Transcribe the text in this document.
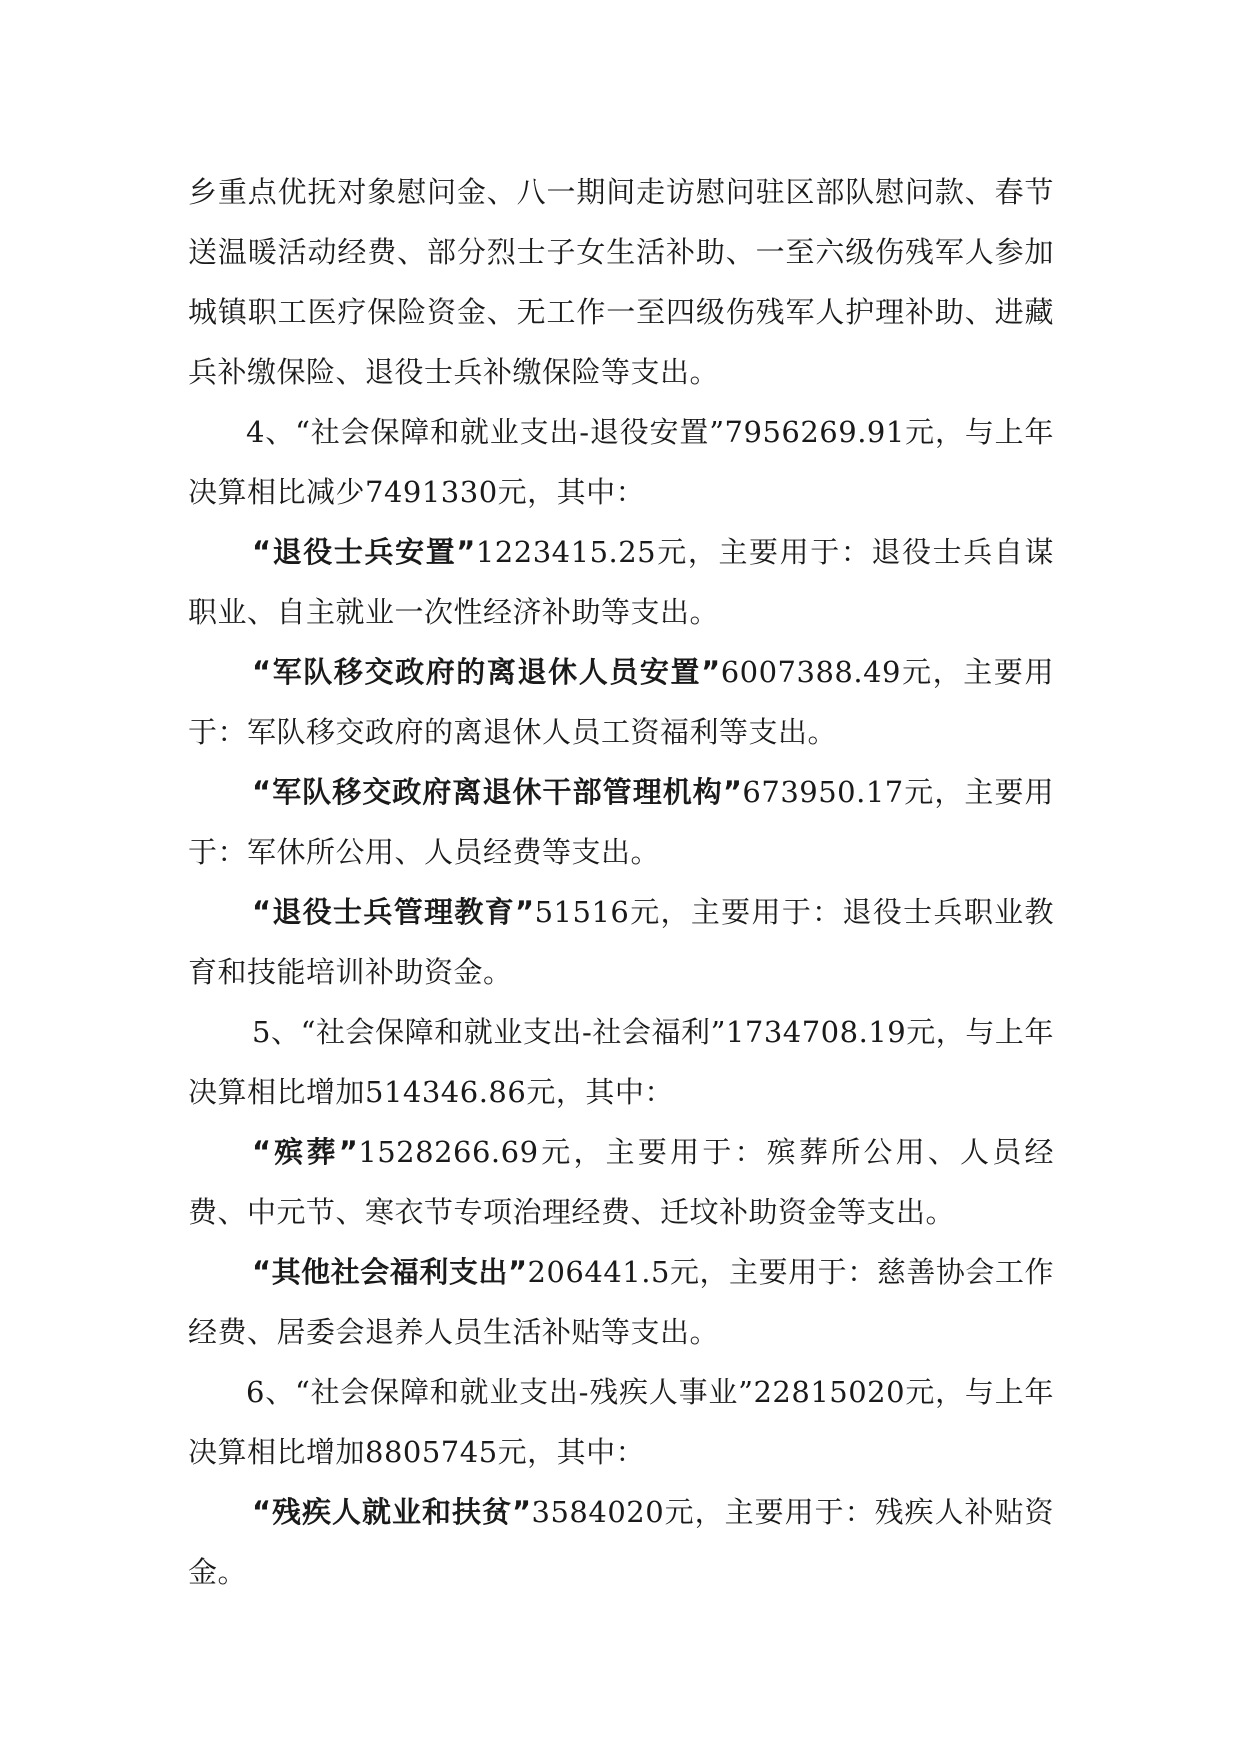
乡重点优抚对象慰问金、八一期间走访慰问驻区部队慰问款、春节送温暖活动经费、部分烈士子女生活补助、一至六级伤残军人参加城镇职工医疗保险资金、无工作一至四级伤残军人护理补助、进藏兵补缴保险、退役士兵补缴保险等支出。

4、“社会保障和就业支出-退役安置”7956269.91元，与上年决算相比减少7491330元，其中：

“退役士兵安置”1223415.25元，主要用于：退役士兵自谋职业、自主就业一次性经济补助等支出。

“军队移交政府的离退休人员安置”6007388.49元，主要用于：军队移交政府的离退休人员工资福利等支出。

“军队移交政府离退休干部管理机构”673950.17元，主要用于：军休所公用、人员经费等支出。

“退役士兵管理教育”51516元，主要用于：退役士兵职业教育和技能培训补助资金。

5、“社会保障和就业支出-社会福利”1734708.19元，与上年决算相比增加514346.86元，其中：

“殡葬”1528266.69元，主要用于：殡葬所公用、人员经费、中元节、寒衣节专项治理经费、迁坟补助资金等支出。

“其他社会福利支出”206441.5元，主要用于：慈善协会工作经费、居委会退养人员生活补贴等支出。

6、“社会保障和就业支出-残疾人事业”22815020元，与上年决算相比增加8805745元，其中：

“残疾人就业和扶贫”3584020元，主要用于：残疾人补贴资金。
